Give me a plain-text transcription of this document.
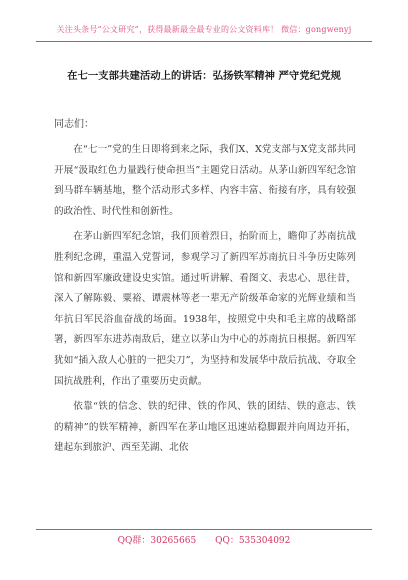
关注头条号“公文研究”，获得最新最全最专业的公文资料库！ 微信：gongwenyj
在七一支部共建活动上的讲话：弘扬铁军精神 严守党纪党规
同志们：

在“七一”党的生日即将到来之际，我们X、X党支部与X党支部共同开展“汲取红色力量践行使命担当”主题党日活动。从茅山新四军纪念馆到马群车辆基地，整个活动形式多样、内容丰富、衔接有序，具有较强的政治性、时代性和创新性。

在茅山新四军纪念馆，我们顶着烈日，抬阶而上，瞻仰了苏南抗战胜利纪念碑，重温入党誓词，参观学习了新四军苏南抗日斗争历史陈列馆和新四军廉政建设史实馆。通过听讲解、看图文、表忠心、思往昔，深入了解陈毅、粟裕、谭震林等老一辈无产阶级革命家的光辉业绩和当年抗日军民浴血奋战的场面。1938年，按照党中央和毛主席的战略部署，新四军东进苏南敌后，建立以茅山为中心的苏南抗日根据。新四军犹如“插入敌人心脏的一把尖刀”，为坚持和发展华中敌后抗战、夺取全国抗战胜利，作出了重要历史贡献。

依靠“铁的信念、铁的纪律、铁的作风、铁的团结、铁的意志、铁的精神”的铁军精神，新四军在茅山地区迅速站稳脚跟并向周边开拓，建起东到旅沪、西至芜湖、北依

QQ群：30265665 QQ：535304092
